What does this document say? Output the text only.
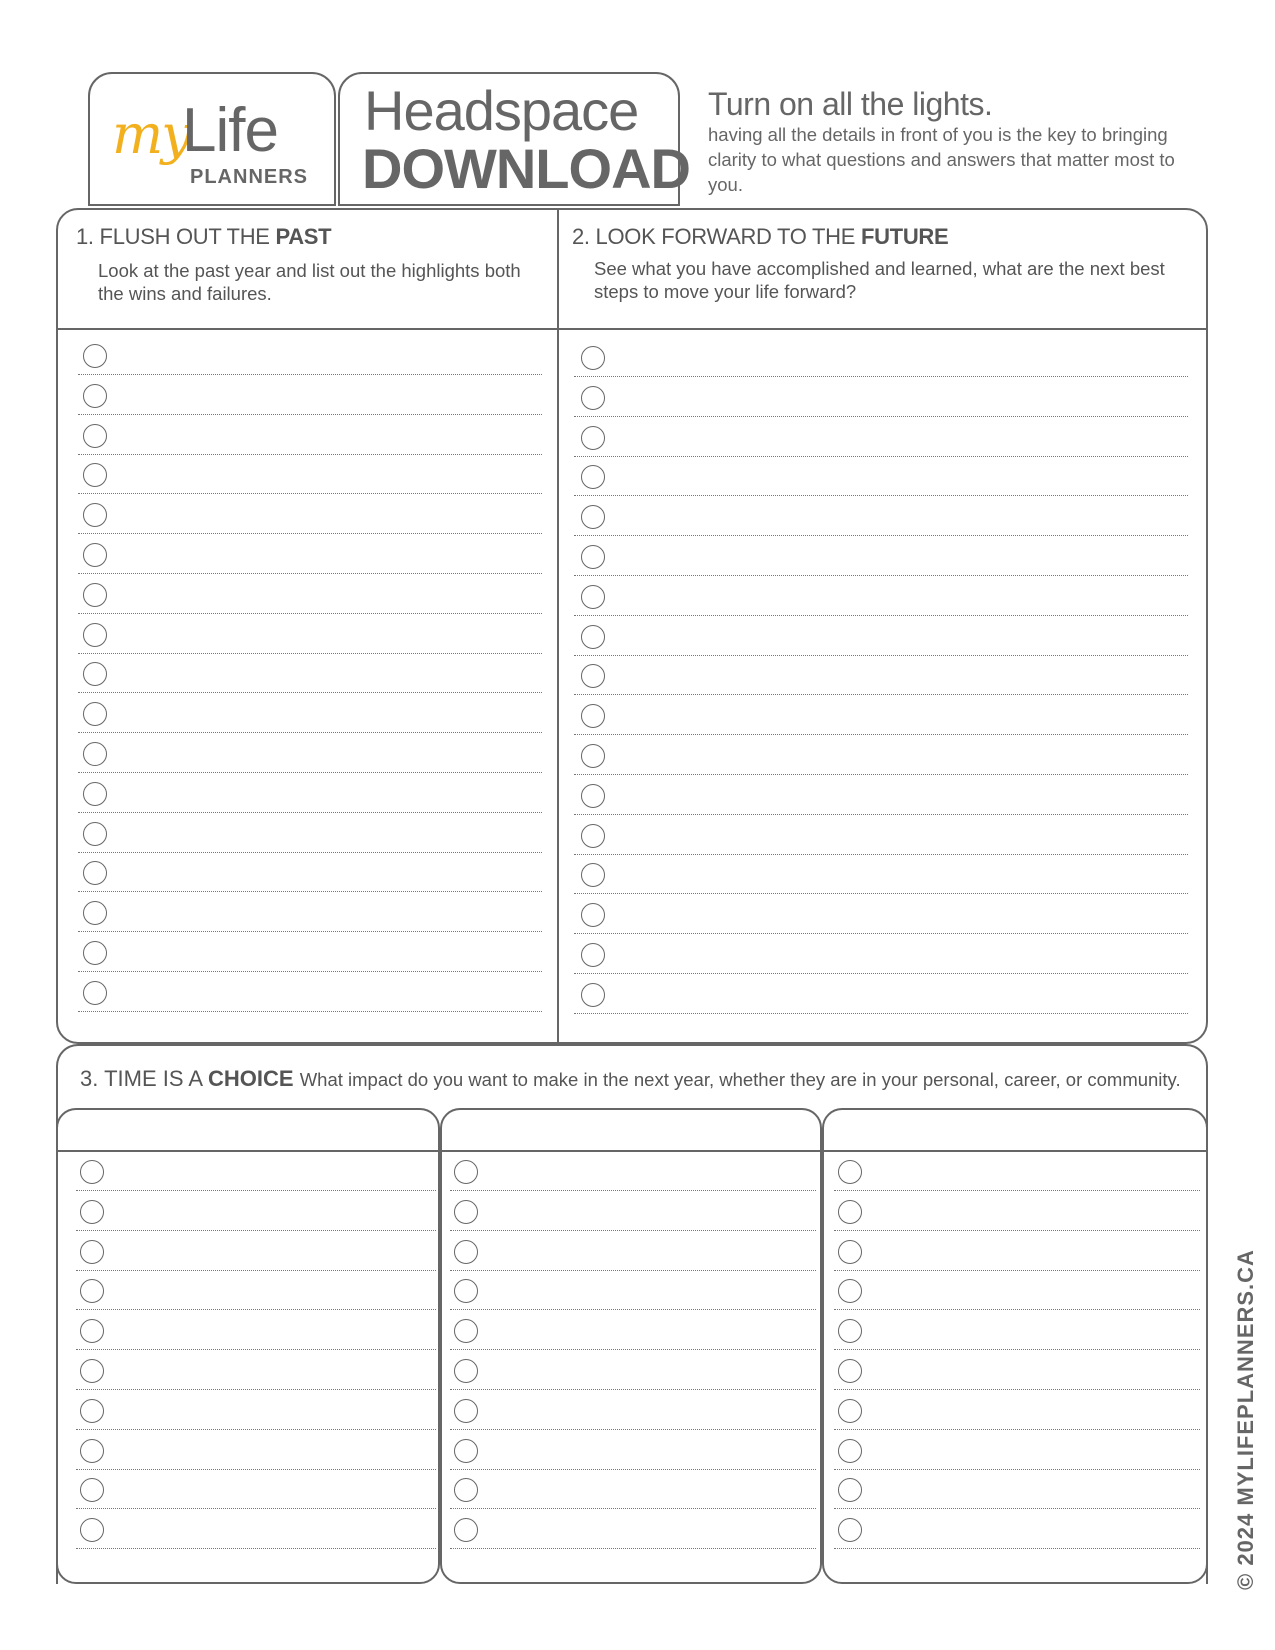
my
Life
PLANNERS
Headspace
DOWNLOAD
Turn on all the lights.
having all the details in front of you is the key to bringing clarity to what questions and answers that matter most to you.
1. FLUSH OUT THE PAST
Look at the past year and list out the highlights both the wins and failures.
2. LOOK FORWARD TO THE FUTURE
See what you have accomplished and learned, what are the next best steps to move your life forward?
3. TIME IS A CHOICE What impact do you want to make in the next year, whether they are in your personal, career, or community.
© 2024 MYLIFEPLANNERS.CA
